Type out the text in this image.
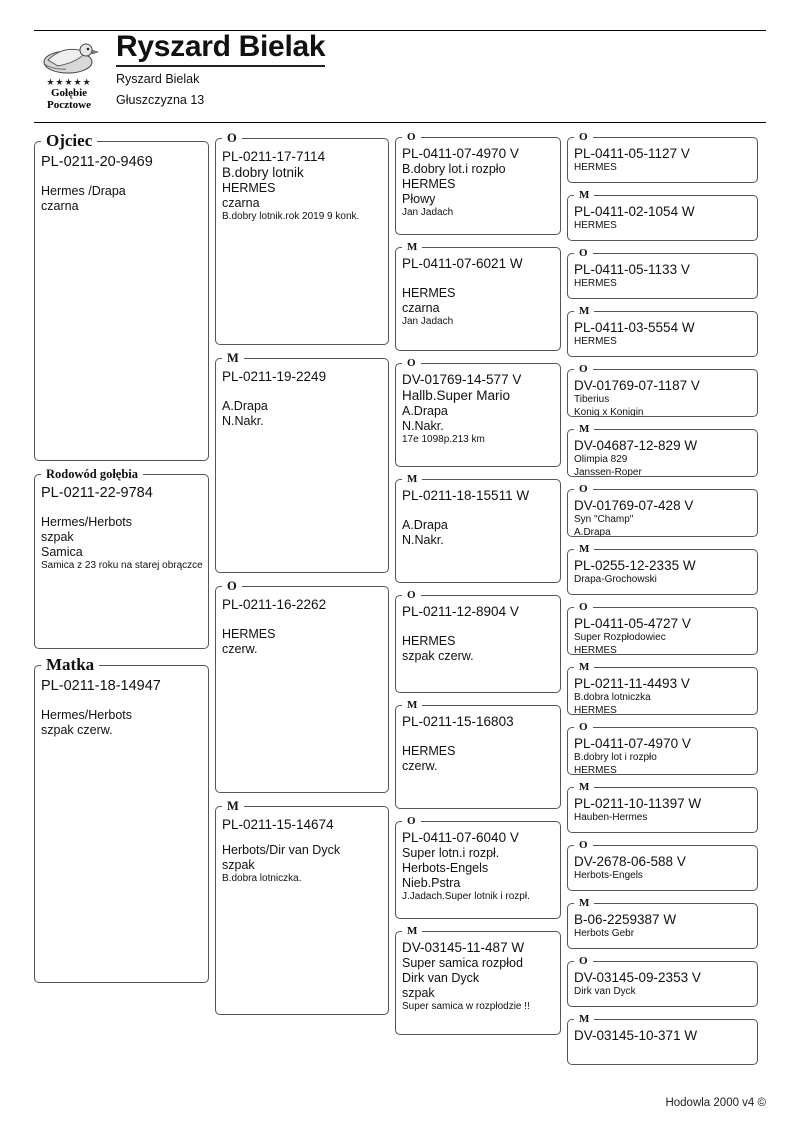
★★★★★
Gołębie
Pocztowe
Ryszard Bielak
Ryszard Bielak
Głuszczyzna 13
Ojciec
PL-0211-20-9469
Hermes /Drapa
czarna
Rodowód gołębia
PL-0211-22-9784
Hermes/Herbots
szpak
Samica
Samica z 23 roku na starej obrączce
Matka
PL-0211-18-14947
Hermes/Herbots
szpak czerw.
O
PL-0211-17-7114
B.dobry lotnik
HERMES
czarna
B.dobry lotnik.rok 2019 9 konk.
M
PL-0211-19-2249
A.Drapa
N.Nakr.
O
PL-0211-16-2262
HERMES
czerw.
M
PL-0211-15-14674
Herbots/Dir van Dyck
szpak
B.dobra lotniczka.
O
PL-0411-07-4970 V
B.dobry lot.i rozpło
HERMES
Płowy
Jan Jadach
M
PL-0411-07-6021 W
HERMES
czarna
Jan Jadach
O
DV-01769-14-577 V
Hallb.Super Mario
A.Drapa
N.Nakr.
17e 1098p.213 km
M
PL-0211-18-15511 W
A.Drapa
N.Nakr.
O
PL-0211-12-8904 V
HERMES
szpak czerw.
M
PL-0211-15-16803
HERMES
czerw.
O
PL-0411-07-6040 V
Super lotn.i rozpł.
Herbots-Engels
Nieb.Pstra
J.Jadach.Super lotnik i rozpł.
M
DV-03145-11-487 W
Super samica rozpłod
Dirk van Dyck
szpak
Super samica w rozpłodzie !!
O
PL-0411-05-1127 V
HERMES
M
PL-0411-02-1054 W
HERMES
O
PL-0411-05-1133 V
HERMES
M
PL-0411-03-5554 W
HERMES
O
DV-01769-07-1187 V
Tiberius
Konig x Konigin
M
DV-04687-12-829 W
Olimpia 829
Janssen-Roper
O
DV-01769-07-428 V
Syn "Champ"
A.Drapa
M
PL-0255-12-2335 W
Drapa-Grochowski
O
PL-0411-05-4727 V
Super Rozpłodowiec
HERMES
M
PL-0211-11-4493 V
B.dobra lotniczka
HERMES
O
PL-0411-07-4970 V
B.dobry lot i rozpło
HERMES
M
PL-0211-10-11397 W
Hauben-Hermes
O
DV-2678-06-588 V
Herbots-Engels
M
B-06-2259387 W
Herbots Gebr
O
DV-03145-09-2353 V
Dirk van Dyck
M
DV-03145-10-371 W
Hodowla 2000 v4 ©
